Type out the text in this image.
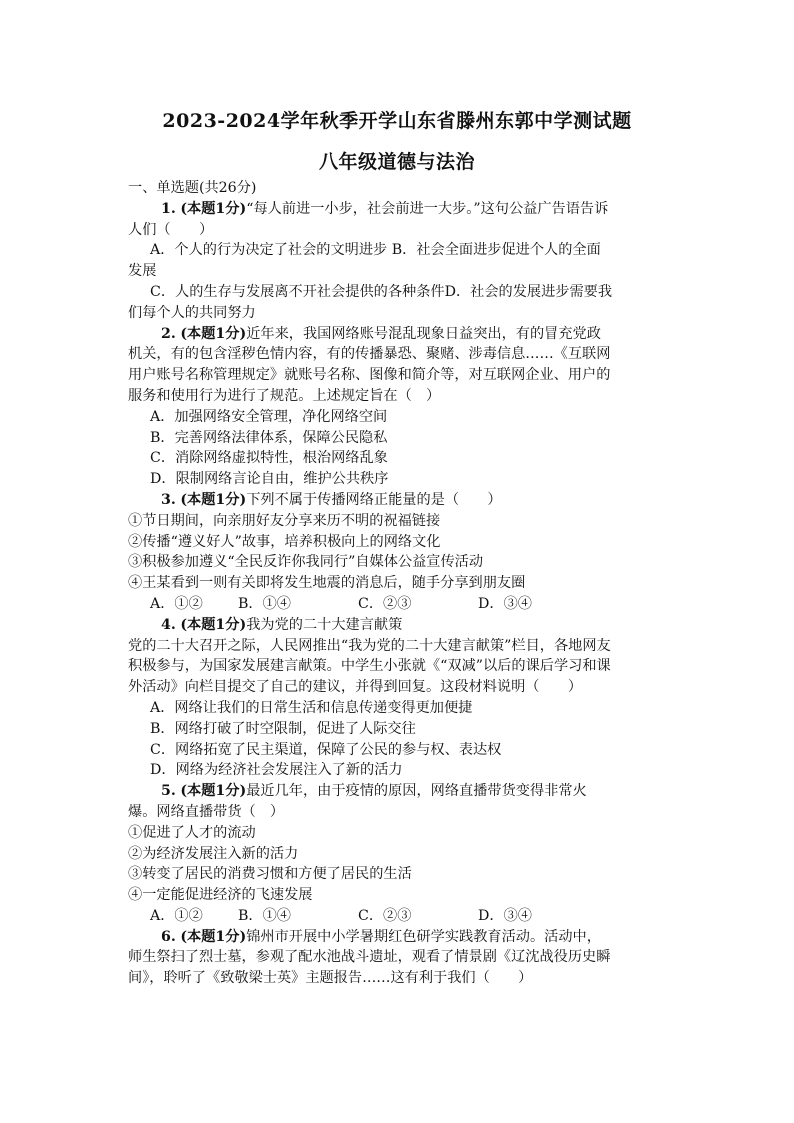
2023-2024学年秋季开学山东省滕州东郭中学测试题
八年级道德与法治
一、单选题(共26分)
1. (本题1分)“每人前进一小步，社会前进一大步。”这句公益广告语告诉
人们（　　）
A．个人的行为决定了社会的文明进步 B．社会全面进步促进个人的全面
发展
C．人的生存与发展离不开社会提供的各种条件D．社会的发展进步需要我
们每个人的共同努力
2. (本题1分)近年来，我国网络账号混乱现象日益突出，有的冒充党政
机关，有的包含淫秽色情内容，有的传播暴恐、聚赌、涉毒信息……《互联网
用户账号名称管理规定》就账号名称、图像和简介等，对互联网企业、用户的
服务和使用行为进行了规范。上述规定旨在（　）
A．加强网络安全管理，净化网络空间
B．完善网络法律体系，保障公民隐私
C．消除网络虚拟特性，根治网络乱象
D．限制网络言论自由，维护公共秩序
3. (本题1分)下列不属于传播网络正能量的是（　　）
①节日期间，向亲朋好友分享来历不明的祝福链接
②传播“遵义好人”故事，培养积极向上的网络文化
③积极参加遵义“全民反诈你我同行”自媒体公益宣传活动
④王某看到一则有关即将发生地震的消息后，随手分享到朋友圈
A．①② B．①④	C．②③	D．③④
4. (本题1分)我为党的二十大建言献策
党的二十大召开之际，人民网推出“我为党的二十大建言献策”栏目，各地网友
积极参与，为国家发展建言献策。中学生小张就《“双减”以后的课后学习和课
外活动》向栏目提交了自己的建议，并得到回复。这段材料说明（　　）
A．网络让我们的日常生活和信息传递变得更加便捷
B．网络打破了时空限制，促进了人际交往
C．网络拓宽了民主渠道，保障了公民的参与权、表达权
D．网络为经济社会发展注入了新的活力
5. (本题1分)最近几年，由于疫情的原因，网络直播带货变得非常火
爆。网络直播带货（　）
①促进了人才的流动
②为经济发展注入新的活力
③转变了居民的消费习惯和方便了居民的生活
④一定能促进经济的飞速发展
A．①② B．①④	C．②③	D．③④
6. (本题1分)锦州市开展中小学暑期红色研学实践教育活动。活动中，
师生祭扫了烈士墓，参观了配水池战斗遗址，观看了情景剧《辽沈战役历史瞬
间》，聆听了《致敬梁士英》主题报告……这有利于我们（　　）
